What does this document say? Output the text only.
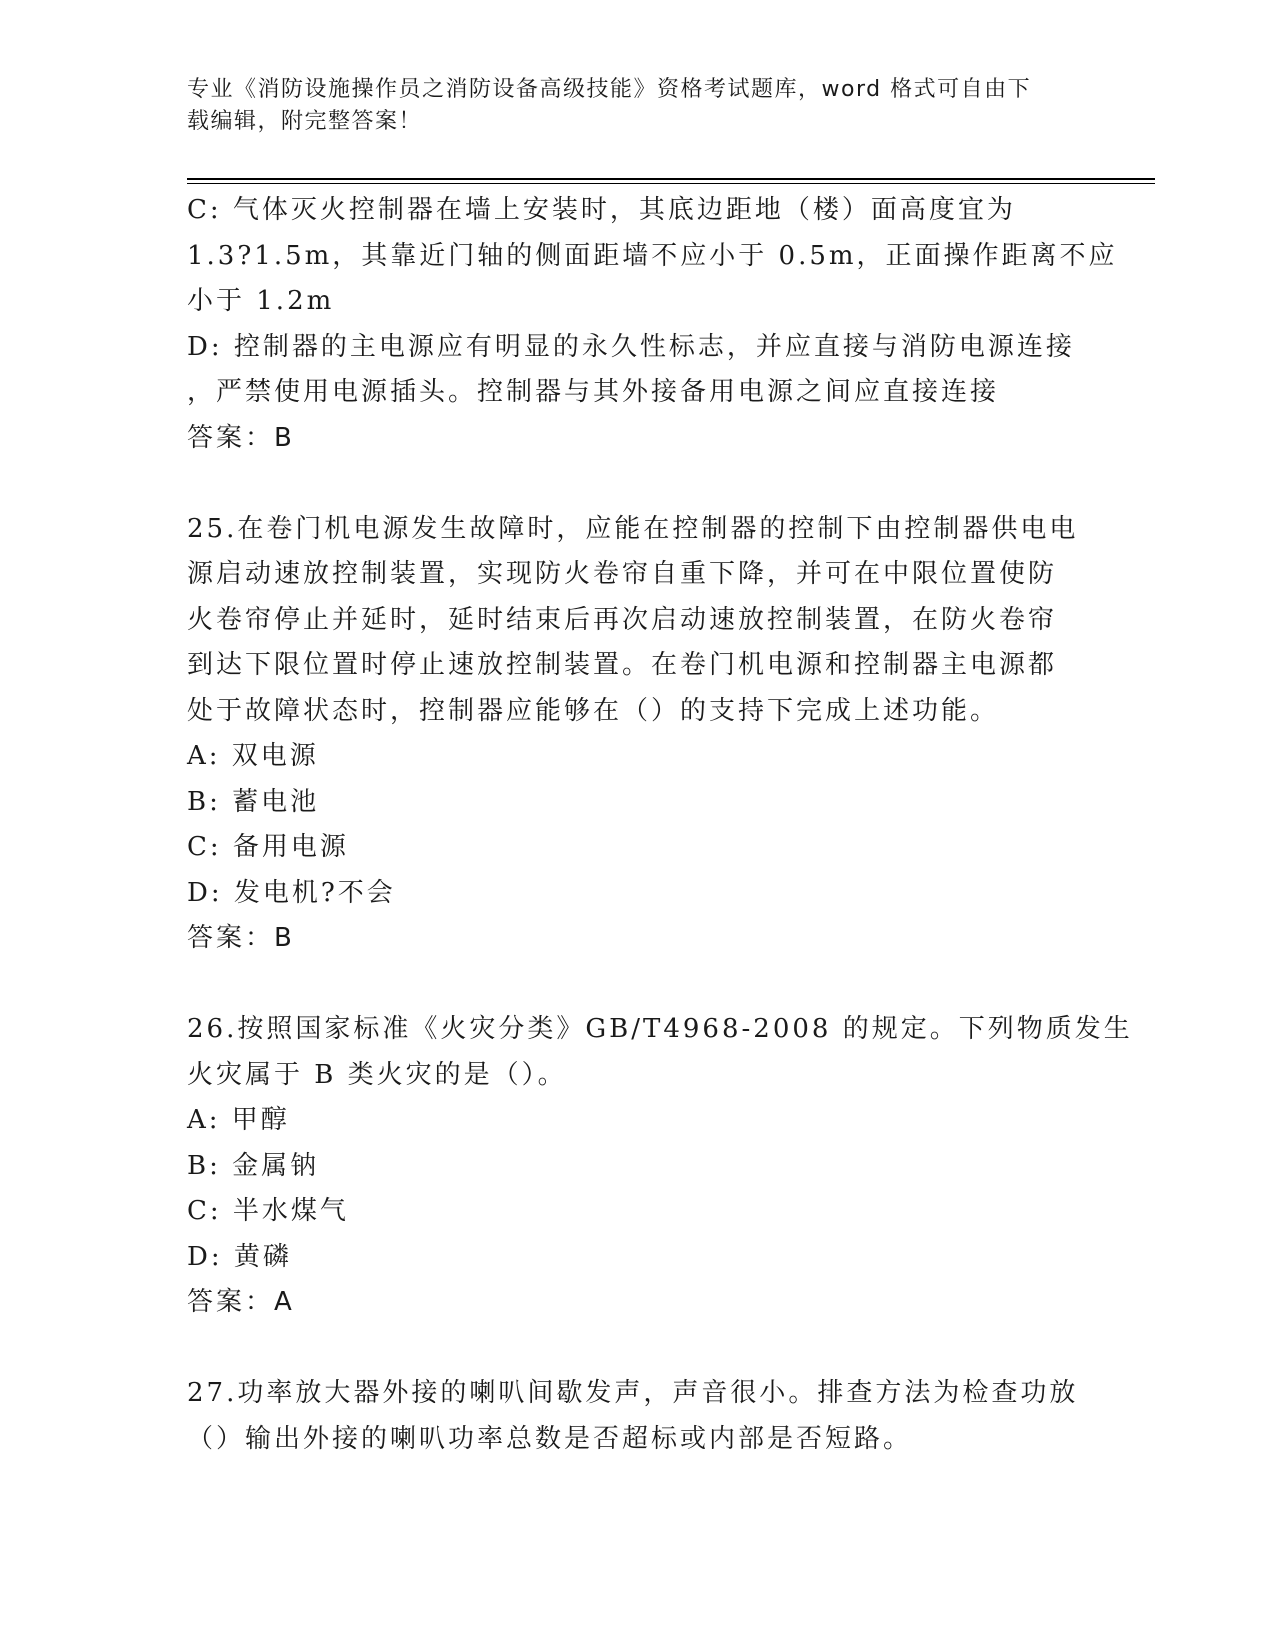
专业《消防设施操作员之消防设备高级技能》资格考试题库，word 格式可自由下
载编辑，附完整答案！
C: 气体灭火控制器在墙上安装时，其底边距地（楼）面高度宜为
1.3?1.5m，其靠近门轴的侧面距墙不应小于 0.5m，正面操作距离不应
小于 1.2m
D: 控制器的主电源应有明显的永久性标志，并应直接与消防电源连接
，严禁使用电源插头。控制器与其外接备用电源之间应直接连接
答案：B
25.在卷门机电源发生故障时，应能在控制器的控制下由控制器供电电
源启动速放控制装置，实现防火卷帘自重下降，并可在中限位置使防
火卷帘停止并延时，延时结束后再次启动速放控制装置，在防火卷帘
到达下限位置时停止速放控制装置。在卷门机电源和控制器主电源都
处于故障状态时，控制器应能够在（）的支持下完成上述功能。
A: 双电源
B: 蓄电池
C: 备用电源
D: 发电机?不会
答案：B
26.按照国家标准《火灾分类》GB/T4968-2008 的规定。下列物质发生
火灾属于 B 类火灾的是（）。
A: 甲醇
B: 金属钠
C: 半水煤气
D: 黄磷
答案：A
27.功率放大器外接的喇叭间歇发声，声音很小。排查方法为检查功放
（）输出外接的喇叭功率总数是否超标或内部是否短路。
